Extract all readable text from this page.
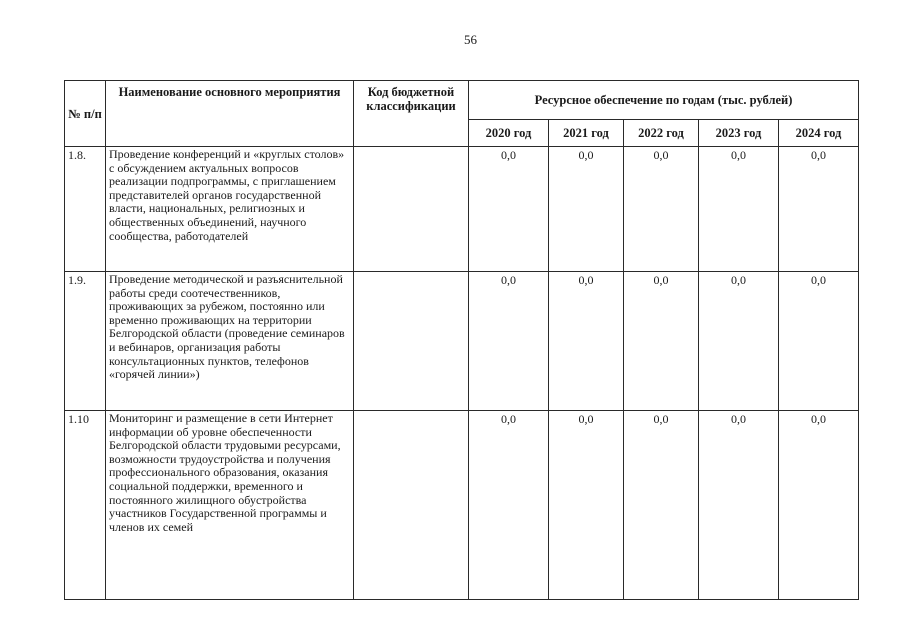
56
№ п/п	Наименование основного мероприятия	Код бюджетной классификации	Ресурсное обеспечение по годам (тыс. рублей)				
			2020 год	2021 год	2022 год	2023 год	2024 год
1.8.	Проведение конференций и «круглых столов» с обсуждением актуальных вопросов реализации подпрограммы, с приглашением представителей органов государственной власти, национальных, религиозных и общественных объединений, научного сообщества, работодателей		0,0	0,0	0,0	0,0	0,0
1.9.	Проведение методической и разъяснительной работы среди соотечественников, проживающих за рубежом, постоянно или временно проживающих на территории Белгородской области (проведение семинаров и вебинаров, организация работы консультационных пунктов, телефонов «горячей линии»)		0,0	0,0	0,0	0,0	0,0
1.10	Мониторинг и размещение в сети Интернет информации об уровне обеспеченности Белгородской области трудовыми ресурсами, возможности трудоустройства и получения профессионального образования, оказания социальной поддержки, временного и постоянного жилищного обустройства участников Государственной программы и членов их семей		0,0	0,0	0,0	0,0	0,0
